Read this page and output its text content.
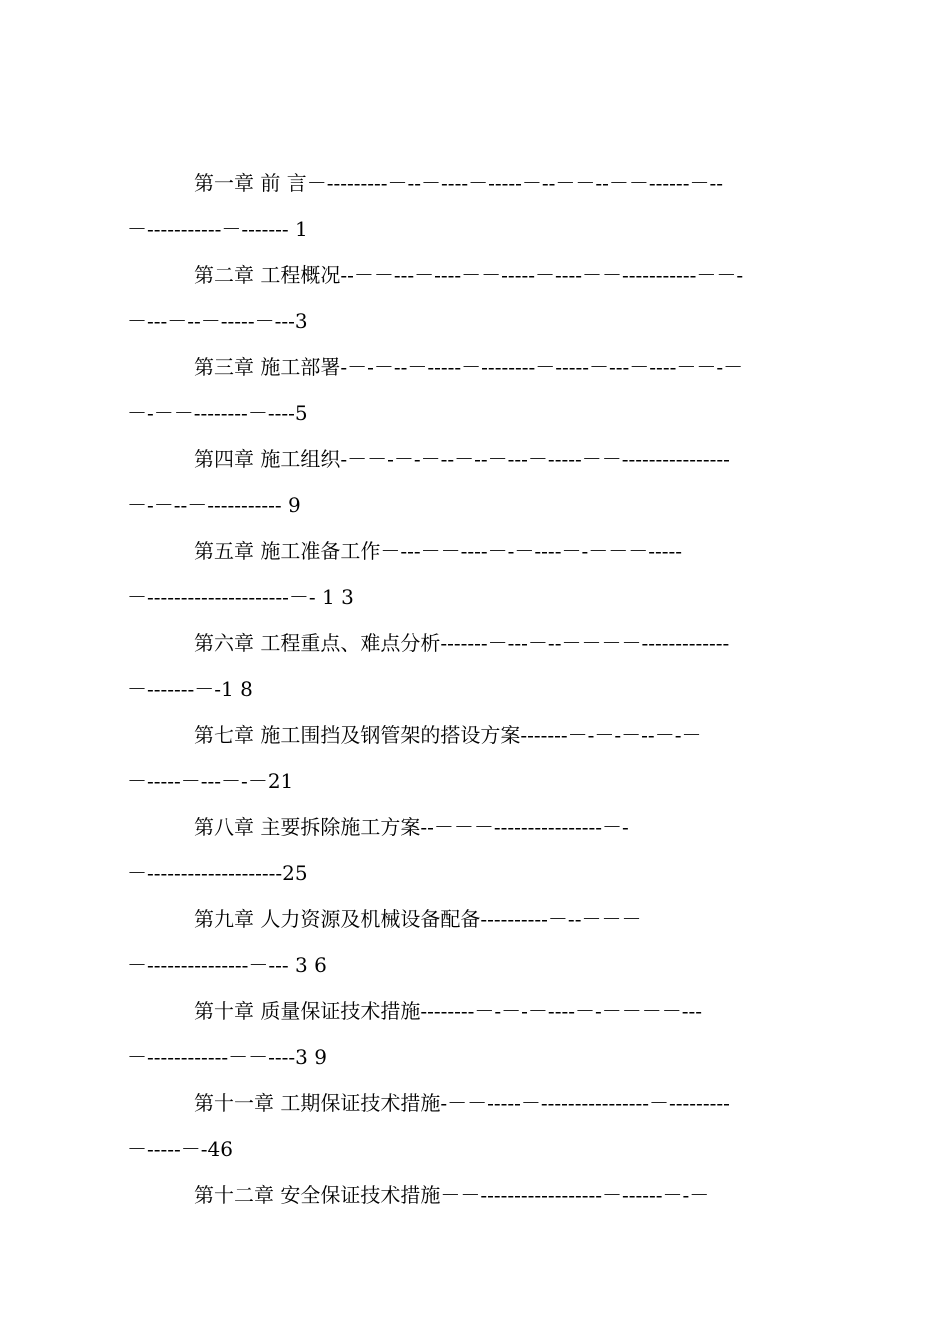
第一章 前 言－---------－--－----－-----－--－－--－－------－--
－-----------－------- 1
第二章 工程概况--－－---－----－－-----－----－－-----------－－-
－---－--－-----－---3
第三章 施工部署-－-－--－-----－--------－-----－---－----－－-－
－-－－--------－----5
第四章 施工组织-－－-－-－--－--－---－-----－－----------------
－-－--－----------- 9
第五章 施工准备工作－---－－----－-－----－-－－－-----
－---------------------－- 1 3
第六章 工程重点、难点分析-------－---－--－－－－-------------
－-------－-1 8
第七章 施工围挡及钢管架的搭设方案-------－-－-－--－-－
－-----－---－-－21
第八章 主要拆除施工方案--－－－----------------－-
－--------------------25
第九章 人力资源及机械设备配备----------－--－－－
－---------------－--- 3 6
第十章 质量保证技术措施--------－-－-－----－-－－－－---
－------------－－----3 9
第十一章 工期保证技术措施-－－-----－----------------－---------
－-----－-46
第十二章 安全保证技术措施－－------------------－------－-－
